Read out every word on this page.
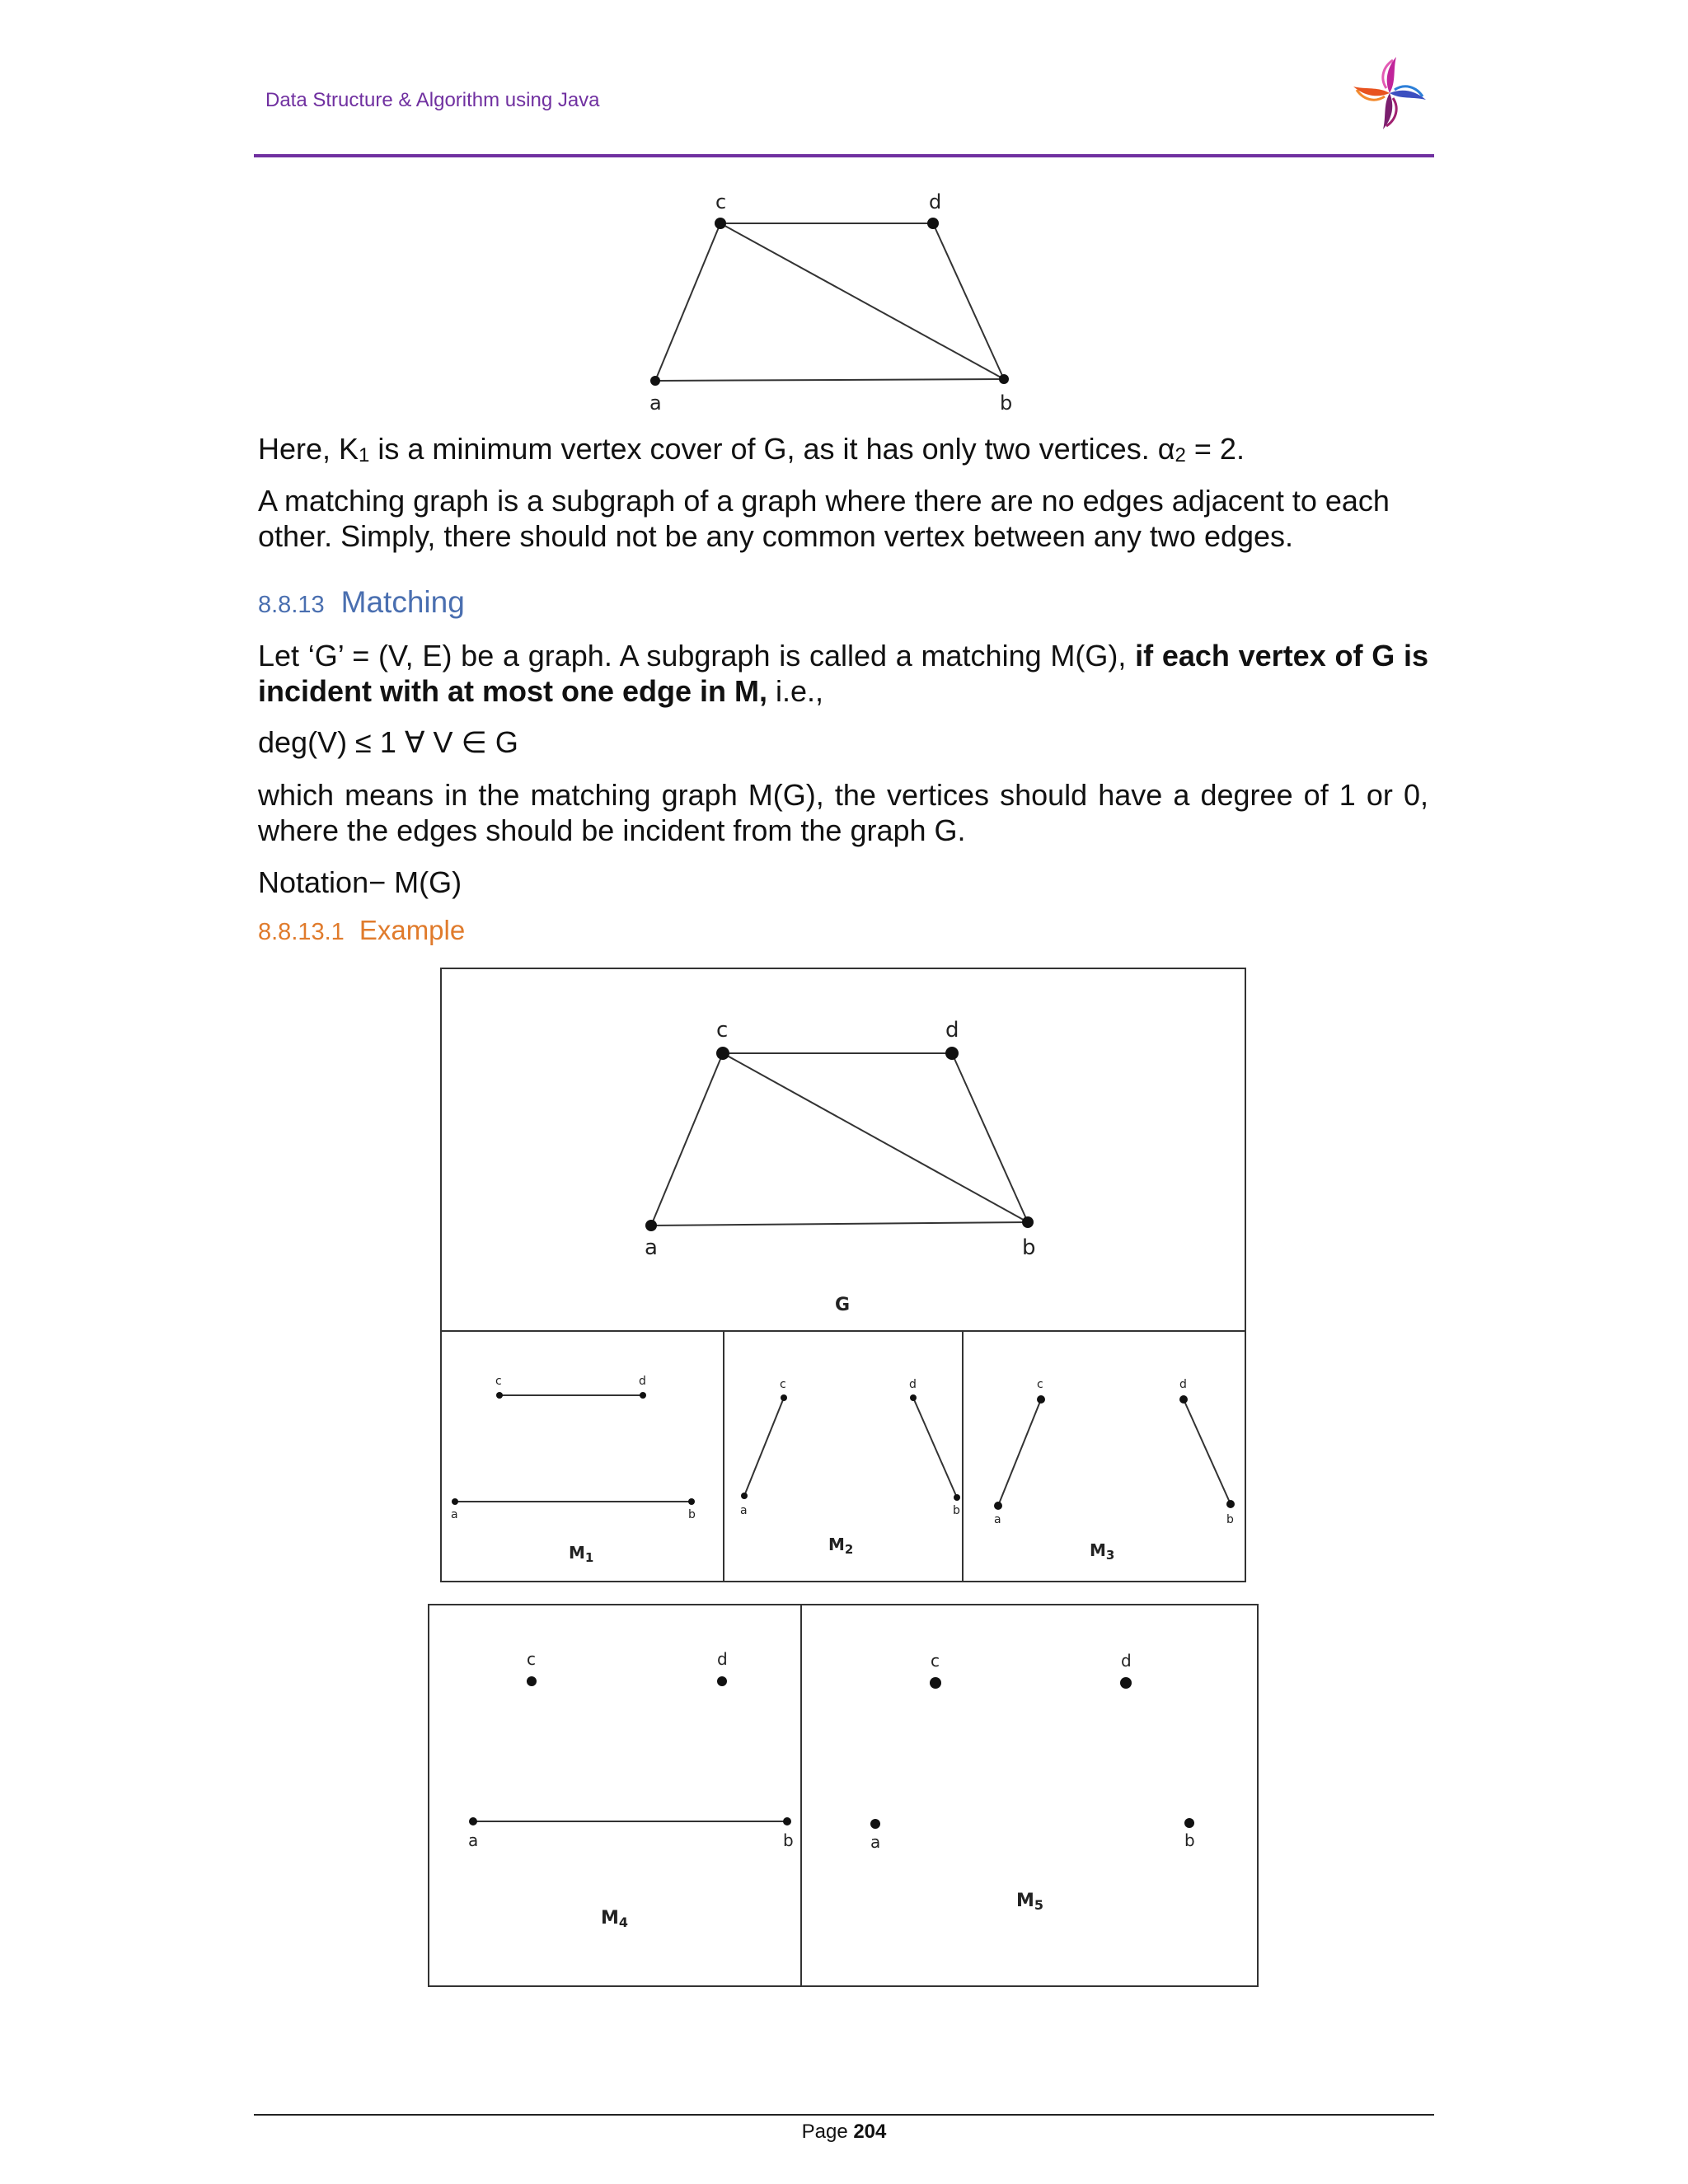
Data Structure & Algorithm using Java
c	d
a	b
Here, $K_1$ is a minimum vertex cover of G, as it has only two vertices. $\alpha_2 = 2$.
A matching graph is a subgraph of a graph where there are no edges adjacent to each other. Simply, there should not be any common vertex between any two edges.
8.8.13 Matching
Let ‘G’ = (V, E) be a graph. A subgraph is called a matching M(G), if each vertex of G is incident with at most one edge in M, i.e.,
deg(V) ≤ 1 ∀ V ∈ G
which means in the matching graph M(G), the vertices should have a degree of 1 or 0, where the edges should be incident from the graph G.
Notation− M(G)
8.8.13.1 Example
c	d
a	b
G
c	d
a	b
$M_1$
c	d
a	b
$M_2$
c	d
a	b
$M_3$
c	d
a	b
M4
c	d
a	b
M5
Page 204
